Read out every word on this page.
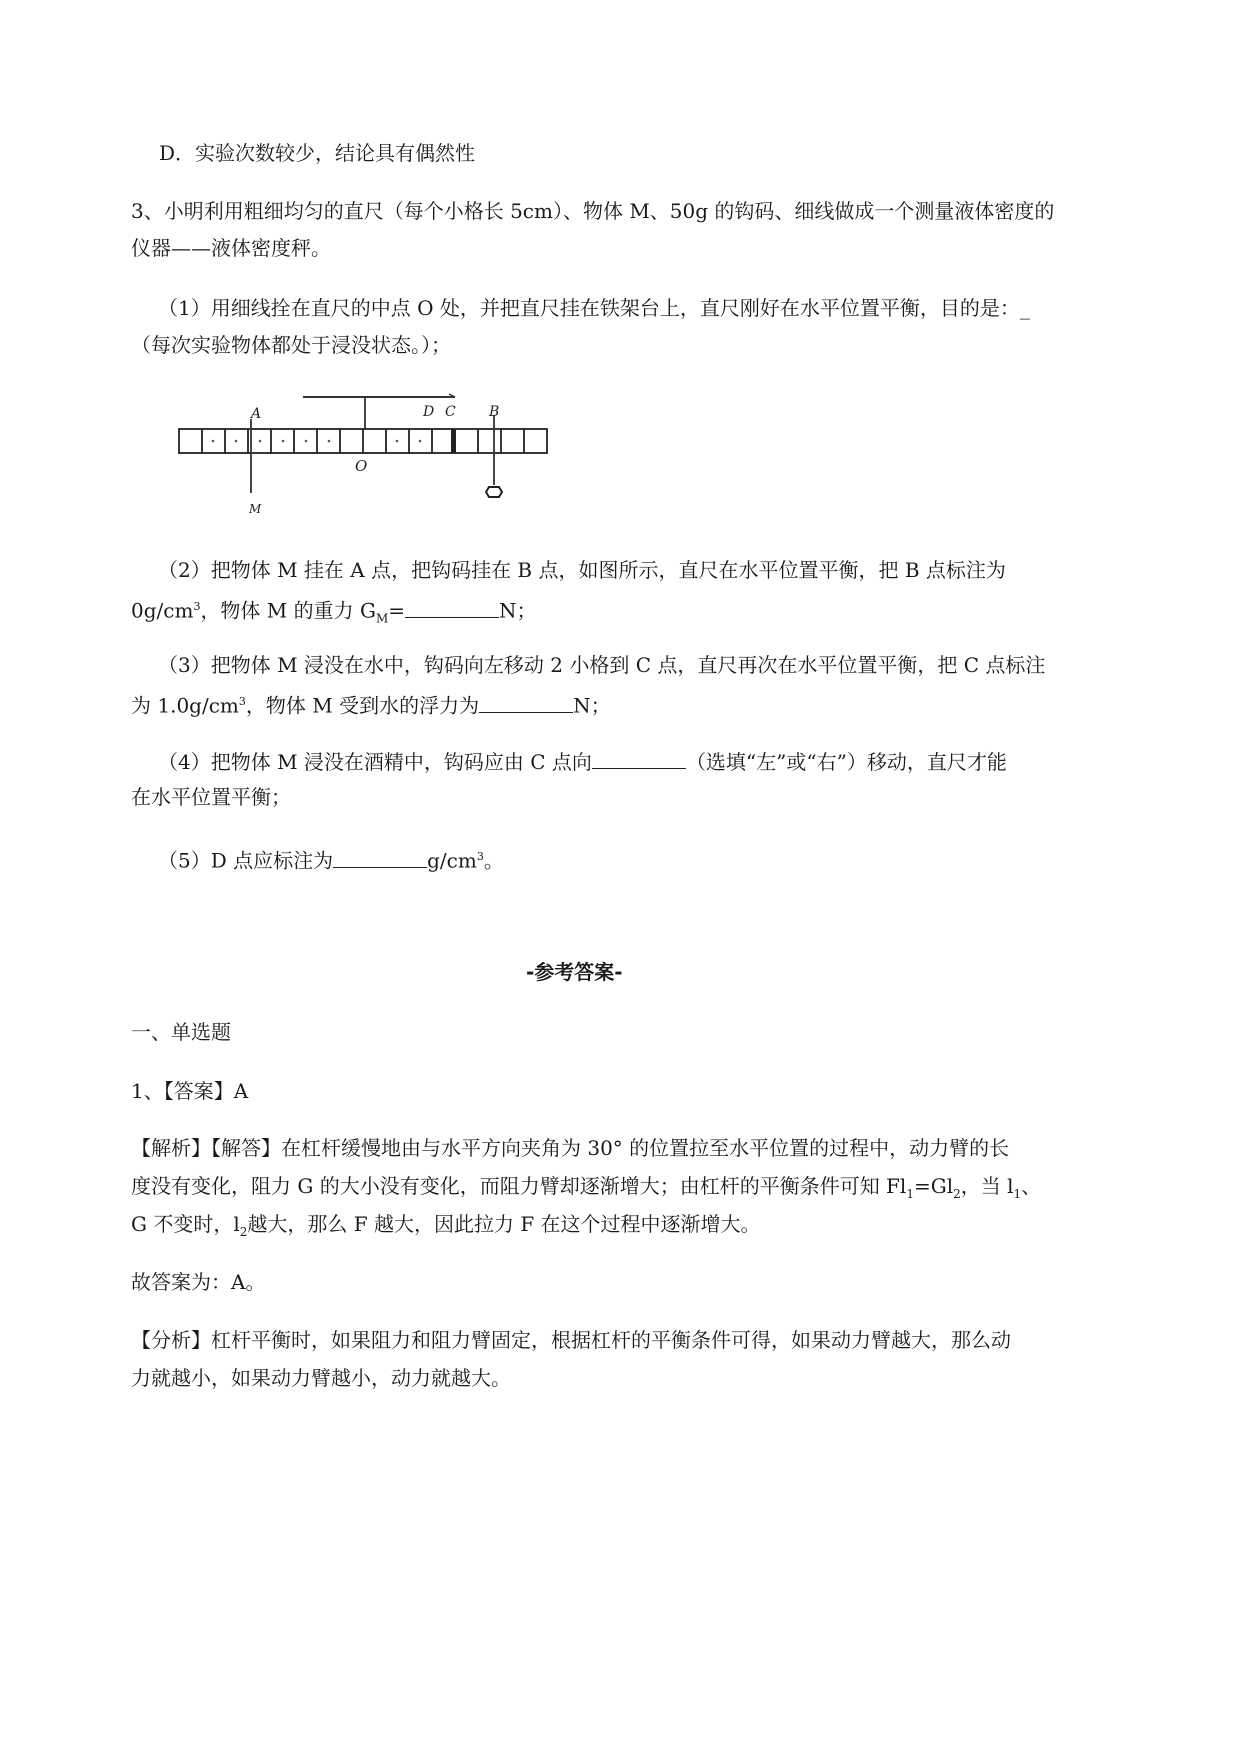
D．实验次数较少，结论具有偶然性
3、小明利用粗细均匀的直尺（每个小格长 5cm）、物体 M、50g 的钩码、细线做成一个测量液体密度的
仪器——液体密度秤。
（1）用细线拴在直尺的中点 O 处，并把直尺挂在铁架台上，直尺刚好在水平位置平衡，目的是：_
（每次实验物体都处于浸没状态。）；
A	D C B
O
M
（2）把物体 M 挂在 A 点，把钩码挂在 B 点，如图所示，直尺在水平位置平衡，把 B 点标注为
$0g/cm^3$，物体 M 的重力 $G_M=$	N；
（3）把物体 M 浸没在水中，钩码向左移动 2 小格到 C 点，直尺再次在水平位置平衡，把 C 点标注
为 $1.0g/cm^3$，物体 M 受到水的浮力为	N；
（4）把物体 M 浸没在酒精中，钩码应由 C 点向	（选填“左”或“右”）移动，直尺才能
在水平位置平衡；
（5）D 点应标注为	$g/cm^3$。
-参考答案-
一、单选题
1、【答案】A
【解析】【解答】在杠杆缓慢地由与水平方向夹角为 30° 的位置拉至水平位置的过程中，动力臂的长
度没有变化，阻力 G 的大小没有变化，而阻力臂却逐渐增大；由杠杆的平衡条件可知 $Fl_1=Gl_2$，当 $l_1$、
G 不变时，$l_2$越大，那么 F 越大，因此拉力 F 在这个过程中逐渐增大。
故答案为：A。
【分析】杠杆平衡时，如果阻力和阻力臂固定，根据杠杆的平衡条件可得，如果动力臂越大，那么动
力就越小，如果动力臂越小，动力就越大。
